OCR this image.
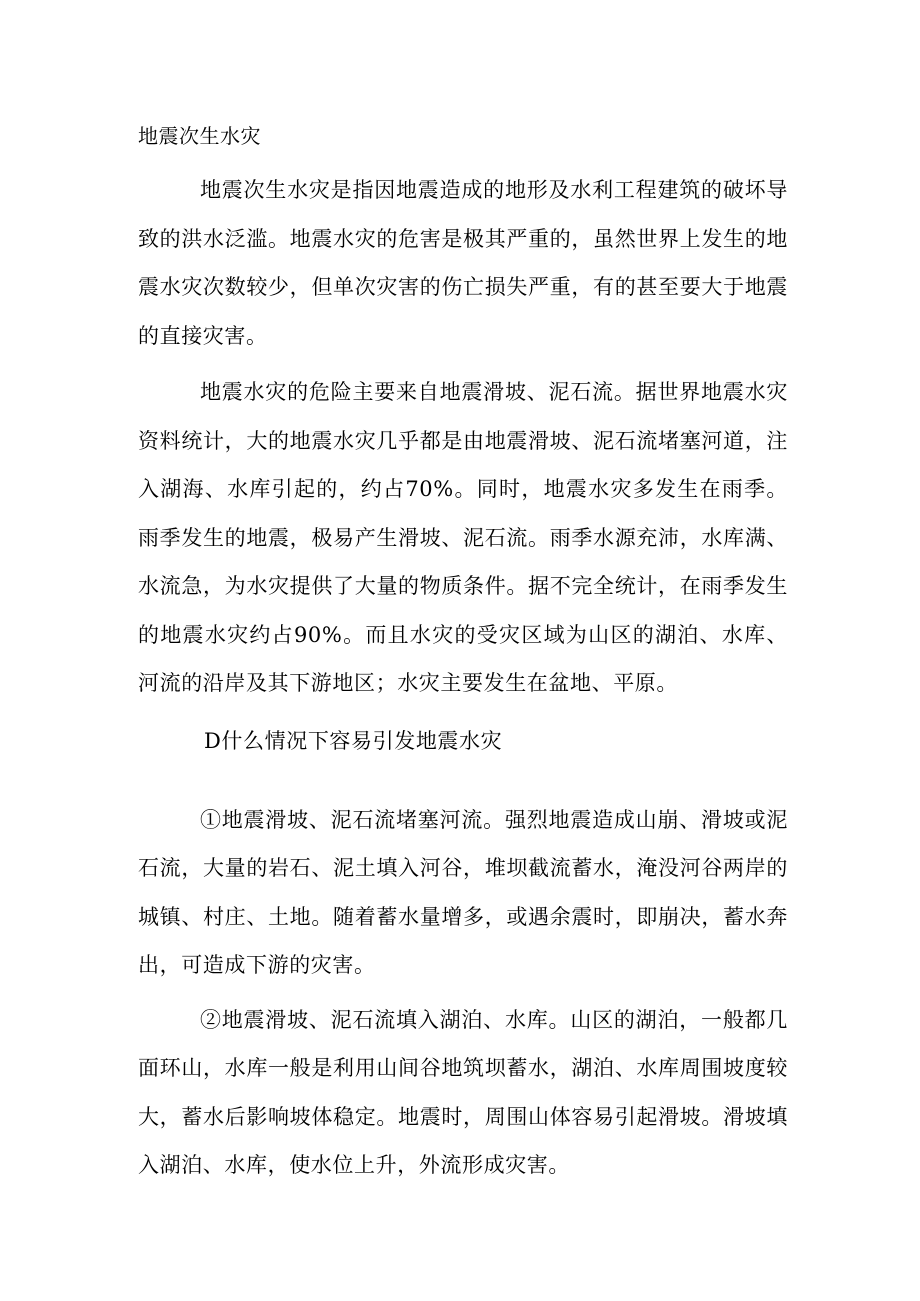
地震次生水灾

地震次生水灾是指因地震造成的地形及水利工程建筑的破坏导致的洪水泛滥。地震水灾的危害是极其严重的，虽然世界上发生的地震水灾次数较少，但单次灾害的伤亡损失严重，有的甚至要大于地震的直接灾害。

地震水灾的危险主要来自地震滑坡、泥石流。据世界地震水灾资料统计，大的地震水灾几乎都是由地震滑坡、泥石流堵塞河道，注入湖海、水库引起的，约占70%。同时，地震水灾多发生在雨季。雨季发生的地震，极易产生滑坡、泥石流。雨季水源充沛，水库满、水流急，为水灾提供了大量的物质条件。据不完全统计，在雨季发生的地震水灾约占90%。而且水灾的受灾区域为山区的湖泊、水库、河流的沿岸及其下游地区；水灾主要发生在盆地、平原。

D什么情况下容易引发地震水灾

①地震滑坡、泥石流堵塞河流。强烈地震造成山崩、滑坡或泥石流，大量的岩石、泥土填入河谷，堆坝截流蓄水，淹没河谷两岸的城镇、村庄、土地。随着蓄水量增多，或遇余震时，即崩决，蓄水奔出，可造成下游的灾害。

②地震滑坡、泥石流填入湖泊、水库。山区的湖泊，一般都几面环山，水库一般是利用山间谷地筑坝蓄水，湖泊、水库周围坡度较大，蓄水后影响坡体稳定。地震时，周围山体容易引起滑坡。滑坡填入湖泊、水库，使水位上升，外流形成灾害。
